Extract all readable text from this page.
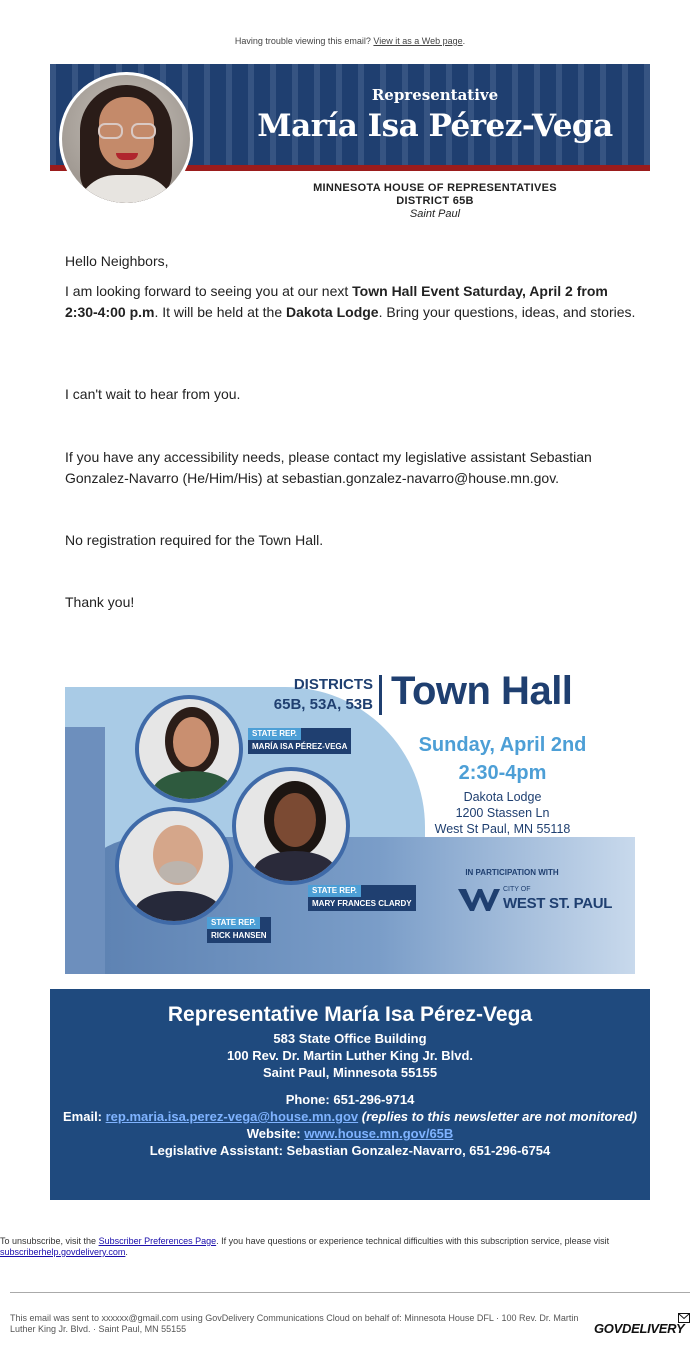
Having trouble viewing this email? View it as a Web page.
Representative
María Isa Pérez-Vega
MINNESOTA HOUSE OF REPRESENTATIVES
DISTRICT 65B
Saint Paul
Hello Neighbors,
I am looking forward to seeing you at our next Town Hall Event Saturday, April 2 from 2:30-4:00 p.m. It will be held at the Dakota Lodge. Bring your questions, ideas, and stories.
I can't wait to hear from you.
If you have any accessibility needs, please contact my legislative assistant Sebastian Gonzalez-Navarro (He/Him/His) at sebastian.gonzalez-navarro@house.mn.gov.
No registration required for the Town Hall.
Thank you!
DISTRICTS
65B, 53A, 53B Town Hall
Sunday, April 2nd
2:30-4pm
Dakota Lodge
1200 Stassen Ln
West St Paul, MN 55118
STATE REP.
MARÍA ISA PÉREZ-VEGA
STATE REP.
MARY FRANCES CLARDY
STATE REP.
RICK HANSEN
IN PARTICIPATION WITH
CITY OF
WEST ST. PAUL
Representative María Isa Pérez-Vega
583 State Office Building
100 Rev. Dr. Martin Luther King Jr. Blvd.
Saint Paul, Minnesota 55155
Phone: 651-296-9714
Email: rep.maria.isa.perez-vega@house.mn.gov (replies to this newsletter are not monitored)
Website: www.house.mn.gov/65B
Legislative Assistant: Sebastian Gonzalez-Navarro, 651-296-6754
To unsubscribe, visit the Subscriber Preferences Page. If you have questions or experience technical difficulties with this subscription service, please visit subscriberhelp.govdelivery.com.
This email was sent to xxxxxx@gmail.com using GovDelivery Communications Cloud on behalf of: Minnesota House DFL · 100 Rev. Dr. Martin Luther King Jr. Blvd. · Saint Paul, MN 55155	GOVDELIVERY
